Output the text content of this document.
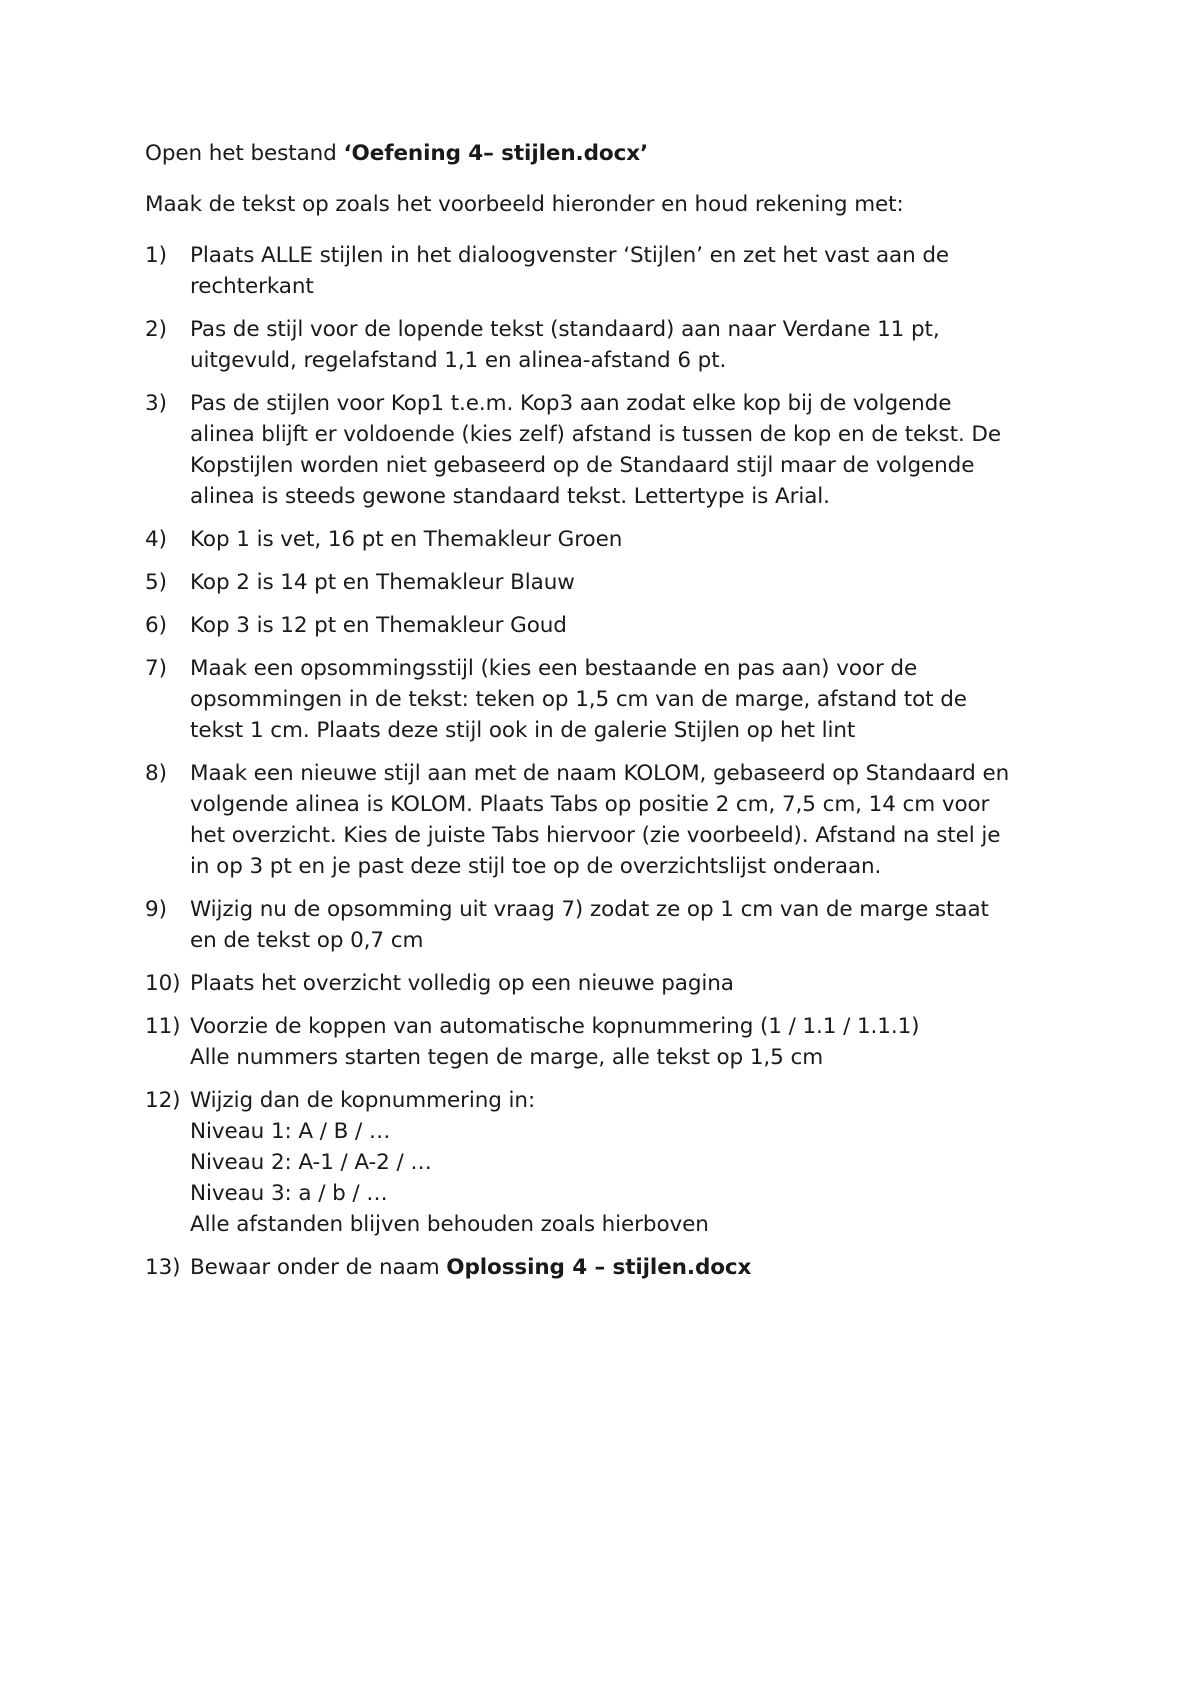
Open het bestand ‘Oefening 4– stijlen.docx’

Maak de tekst op zoals het voorbeeld hieronder en houd rekening met:

1) Plaats ALLE stijlen in het dialoogvenster ‘Stijlen’ en zet het vast aan de
rechterkant
2) Pas de stijl voor de lopende tekst (standaard) aan naar Verdane 11 pt,
uitgevuld, regelafstand 1,1 en alinea-afstand 6 pt.
3) Pas de stijlen voor Kop1 t.e.m. Kop3 aan zodat elke kop bij de volgende
alinea blijft er voldoende (kies zelf) afstand is tussen de kop en de tekst. De
Kopstijlen worden niet gebaseerd op de Standaard stijl maar de volgende
alinea is steeds gewone standaard tekst. Lettertype is Arial.
4) Kop 1 is vet, 16 pt en Themakleur Groen
5) Kop 2 is 14 pt en Themakleur Blauw
6) Kop 3 is 12 pt en Themakleur Goud
7) Maak een opsommingsstijl (kies een bestaande en pas aan) voor de
opsommingen in de tekst: teken op 1,5 cm van de marge, afstand tot de
tekst 1 cm. Plaats deze stijl ook in de galerie Stijlen op het lint
8) Maak een nieuwe stijl aan met de naam KOLOM, gebaseerd op Standaard en
volgende alinea is KOLOM. Plaats Tabs op positie 2 cm, 7,5 cm, 14 cm voor
het overzicht. Kies de juiste Tabs hiervoor (zie voorbeeld). Afstand na stel je
in op 3 pt en je past deze stijl toe op de overzichtslijst onderaan.
9) Wijzig nu de opsomming uit vraag 7) zodat ze op 1 cm van de marge staat
en de tekst op 0,7 cm
10) Plaats het overzicht volledig op een nieuwe pagina
11) Voorzie de koppen van automatische kopnummering (1 / 1.1 / 1.1.1)
Alle nummers starten tegen de marge, alle tekst op 1,5 cm
12) Wijzig dan de kopnummering in:
Niveau 1: A / B / …
Niveau 2: A-1 / A-2 / …
Niveau 3: a / b / …
Alle afstanden blijven behouden zoals hierboven
13) Bewaar onder de naam Oplossing 4 – stijlen.docx
